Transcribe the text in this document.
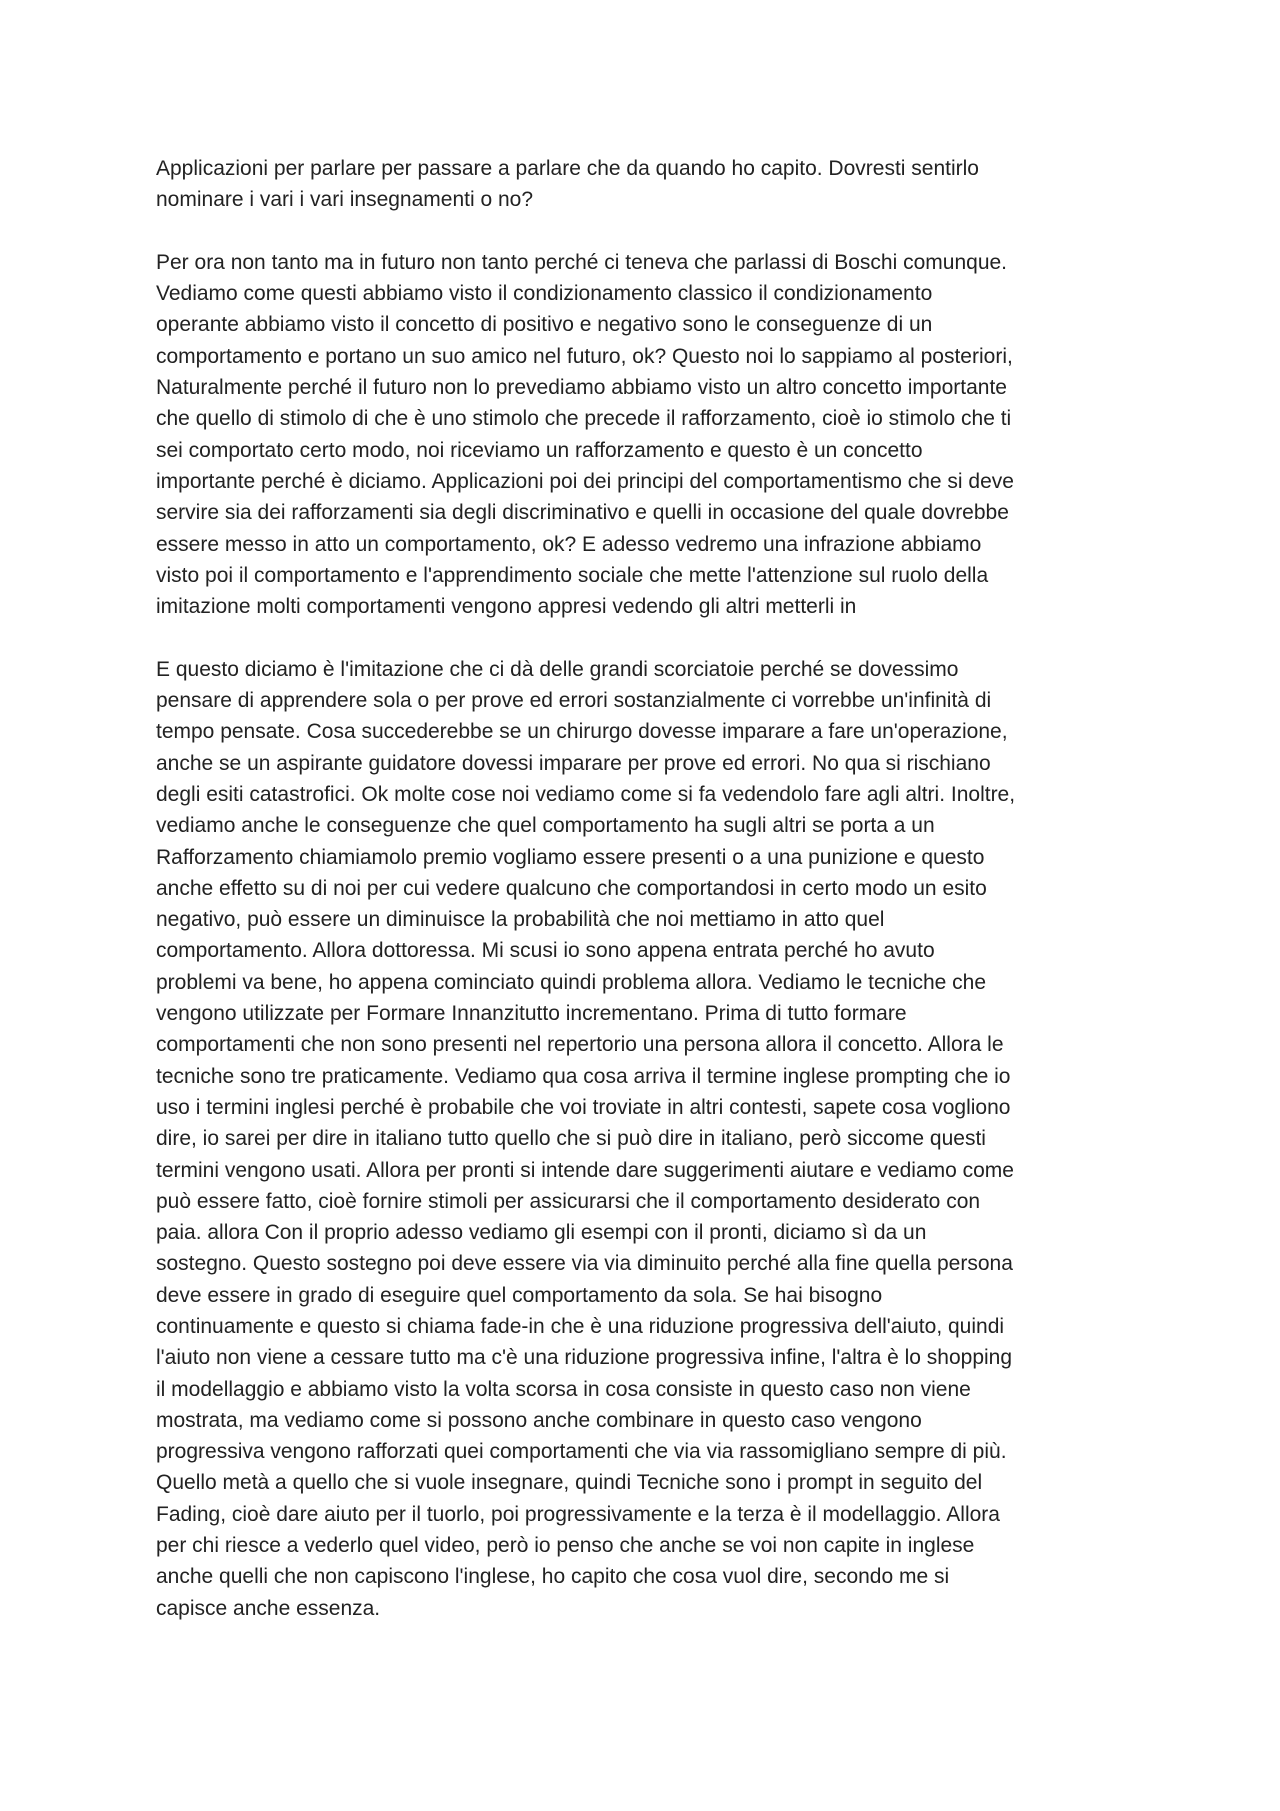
Applicazioni per parlare per passare a parlare che da quando ho capito. Dovresti sentirlo
nominare i vari i vari insegnamenti o no?

Per ora non tanto ma in futuro non tanto perché ci teneva che parlassi di Boschi comunque.
Vediamo come questi abbiamo visto il condizionamento classico il condizionamento
operante abbiamo visto il concetto di positivo e negativo sono le conseguenze di un
comportamento e portano un suo amico nel futuro, ok? Questo noi lo sappiamo al posteriori,
Naturalmente perché il futuro non lo prevediamo abbiamo visto un altro concetto importante
che quello di stimolo di che è uno stimolo che precede il rafforzamento, cioè io stimolo che ti
sei comportato certo modo, noi riceviamo un rafforzamento e questo è un concetto
importante perché è diciamo. Applicazioni poi dei principi del comportamentismo che si deve
servire sia dei rafforzamenti sia degli discriminativo e quelli in occasione del quale dovrebbe
essere messo in atto un comportamento, ok? E adesso vedremo una infrazione abbiamo
visto poi il comportamento e l'apprendimento sociale che mette l'attenzione sul ruolo della
imitazione molti comportamenti vengono appresi vedendo gli altri metterli in

E questo diciamo è l'imitazione che ci dà delle grandi scorciatoie perché se dovessimo
pensare di apprendere sola o per prove ed errori sostanzialmente ci vorrebbe un'infinità di
tempo pensate. Cosa succederebbe se un chirurgo dovesse imparare a fare un'operazione,
anche se un aspirante guidatore dovessi imparare per prove ed errori. No qua si rischiano
degli esiti catastrofici. Ok molte cose noi vediamo come si fa vedendolo fare agli altri. Inoltre,
vediamo anche le conseguenze che quel comportamento ha sugli altri se porta a un
Rafforzamento chiamiamolo premio vogliamo essere presenti o a una punizione e questo
anche effetto su di noi per cui vedere qualcuno che comportandosi in certo modo un esito
negativo, può essere un diminuisce la probabilità che noi mettiamo in atto quel
comportamento. Allora dottoressa. Mi scusi io sono appena entrata perché ho avuto
problemi va bene, ho appena cominciato quindi problema allora. Vediamo le tecniche che
vengono utilizzate per Formare Innanzitutto incrementano. Prima di tutto formare
comportamenti che non sono presenti nel repertorio una persona allora il concetto. Allora le
tecniche sono tre praticamente. Vediamo qua cosa arriva il termine inglese prompting che io
uso i termini inglesi perché è probabile che voi troviate in altri contesti, sapete cosa vogliono
dire, io sarei per dire in italiano tutto quello che si può dire in italiano, però siccome questi
termini vengono usati. Allora per pronti si intende dare suggerimenti aiutare e vediamo come
può essere fatto, cioè fornire stimoli per assicurarsi che il comportamento desiderato con
paia. allora Con il proprio adesso vediamo gli esempi con il pronti, diciamo sì da un
sostegno. Questo sostegno poi deve essere via via diminuito perché alla fine quella persona
deve essere in grado di eseguire quel comportamento da sola. Se hai bisogno
continuamente e questo si chiama fade-in che è una riduzione progressiva dell'aiuto, quindi
l'aiuto non viene a cessare tutto ma c'è una riduzione progressiva infine, l'altra è lo shopping
il modellaggio e abbiamo visto la volta scorsa in cosa consiste in questo caso non viene
mostrata, ma vediamo come si possono anche combinare in questo caso vengono
progressiva vengono rafforzati quei comportamenti che via via rassomigliano sempre di più.
Quello metà a quello che si vuole insegnare, quindi Tecniche sono i prompt in seguito del
Fading, cioè dare aiuto per il tuorlo, poi progressivamente e la terza è il modellaggio. Allora
per chi riesce a vederlo quel video, però io penso che anche se voi non capite in inglese
anche quelli che non capiscono l'inglese, ho capito che cosa vuol dire, secondo me si
capisce anche essenza.
